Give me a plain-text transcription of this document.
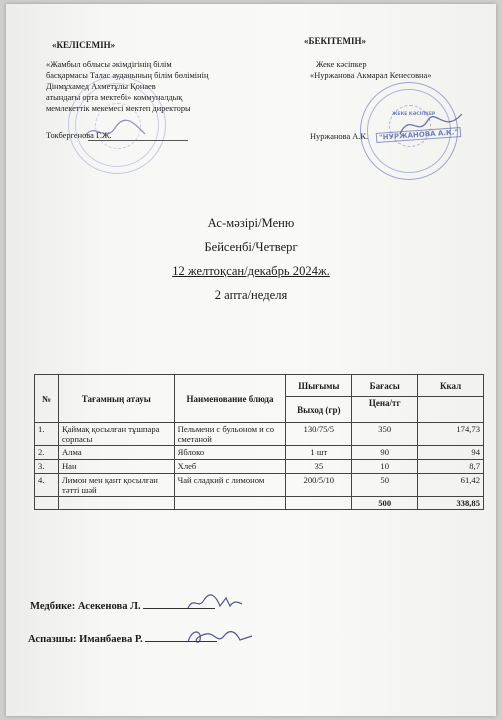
«КЕЛІСЕМІН»
«Жамбыл облысы әкімдігінің білім
басқармасы Талас ауданының білім бөлімінің
Дінмұхамед Ахметұлы Қонаев
атындағы орта мектебі» коммуналдық
мемлекеттік мекемесі мектеп директоры
Токбергенова Г.Ж.
«БЕКІТЕМІН»
Жеке кәсіпкер
«Нуржанова Акмарал Кенесовна»
Нуржанова А.К.	"НУРЖАНОВА А.К."
ЖЕКЕ КӘСІПКЕР
Ас-мәзірі/Меню
Бейсенбі/Четверг
12 желтоқсан/декабрь 2024ж.
2 апта/неделя
№	Тағамның атауы	Наименование блюда	Шығымы	Бағасы	Ккал
			Выход (гр)	Цена/тг	
1.	Қаймақ қосылған тұшпара сорпасы	Пельмени с бульоном и со сметаной	130/75/5	350	174,73
2.	Алма	Яблоко	1 шт	90	94
3.	Нан	Хлеб	35	10	8,7
4.	Лимон мен қант қосылған тәтті шәй	Чай сладкий с лимоном	200/5/10	50	61,42
				500	338,85
Медбике: Асекенова Л.
Аспазшы: Иманбаева Р.
